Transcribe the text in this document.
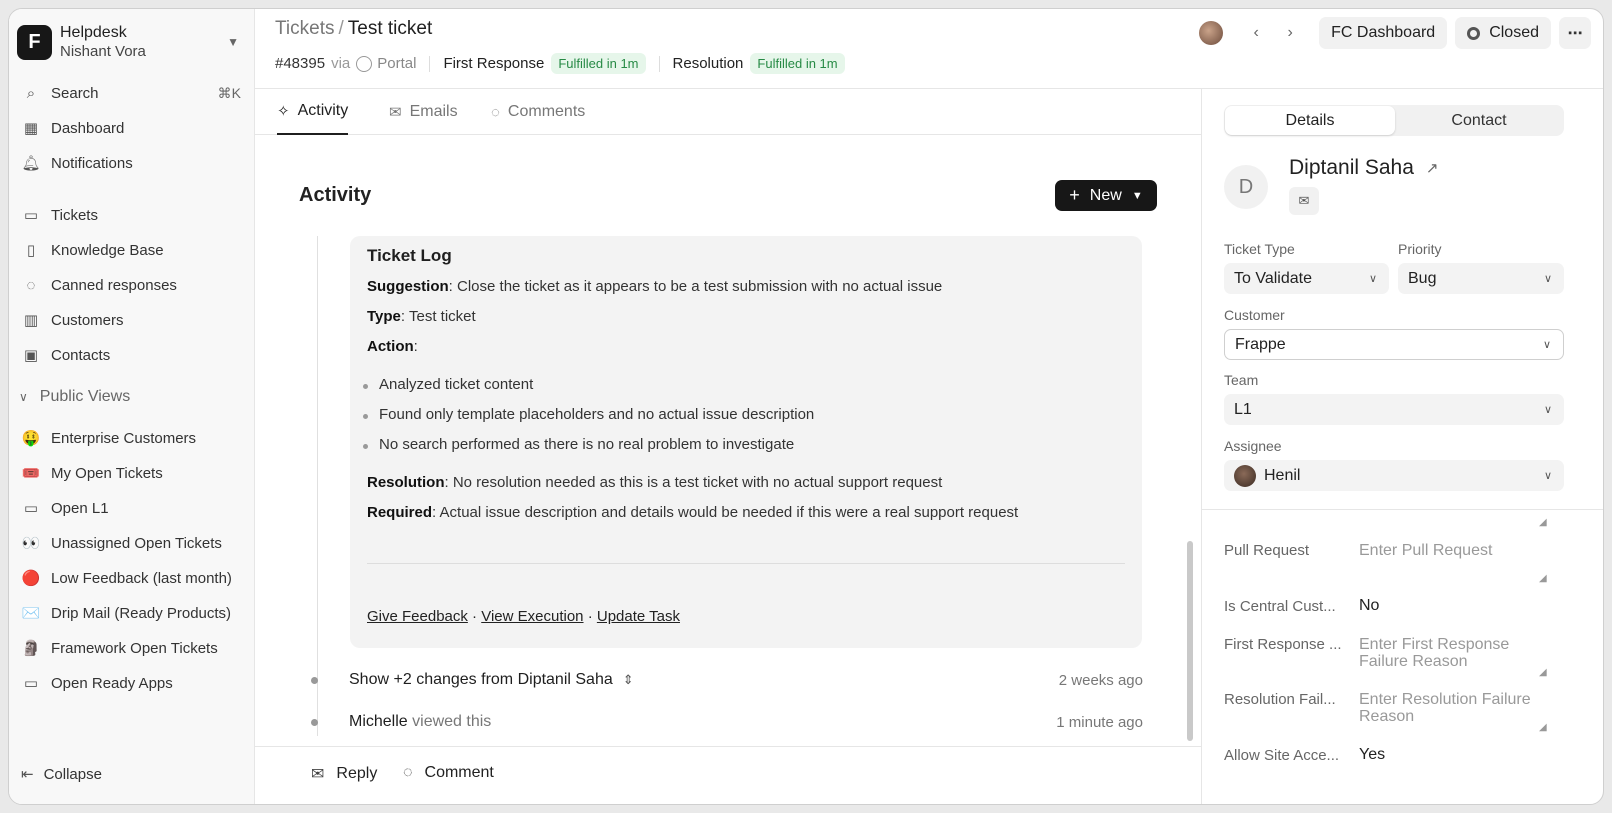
F	Helpdesk
Nishant Vora
▼
⌕	Search	⌘K
▦ Dashboard
🔔︎ Notifications
▭ Tickets
▯	Knowledge Base
◌	Canned responses
▥ Customers
▣ Contacts
∨ Public Views
🤑 Enterprise Customers
🎟️ My Open Tickets
▭ Open L1
👀 Unassigned Open Tickets
🔴 Low Feedback (last month)
✉️ Drip Mail (Ready Products)
🗿 Framework Open Tickets
▭ Open Ready Apps
⇤ Collapse
Tickets / Test ticket
#48395 via Portal First Response	Fulfilled in 1m	Resolution	Fulfilled in 1m
‹	›	FC Dashboard	Closed	⋯
✧ Activity	✉ Emails ◌ Comments
Activity	+ New ▼
Ticket Log
Suggestion: Close the ticket as it appears to be a test submission with no actual issue
Type: Test ticket
Action:
Analyzed ticket content
Found only template placeholders and no actual issue description
No search performed as there is no real problem to investigate
Resolution: No resolution needed as this is a test ticket with no actual support request
Required: Actual issue description and details would be needed if this were a real support request
Give Feedback · View Execution · Update Task
Show
+2
changes from
Diptanil Saha ⇕	2 weeks ago
Michelle
viewed this	1 minute ago
✉ Reply ◌ Comment
Details	Contact
D
Diptanil Saha ↗
✉
Ticket Type
To Validate	∨
Priority
Bug	∨
Customer
Frappe	∨
Team
L1	∨
Assignee
Henil	∨
◢
Pull Request	Enter Pull Request
◢
Is Central Cust... No
First Response ... Enter First Response
Failure Reason
◢
Resolution Fail... Enter Resolution Failure
Reason
◢
Allow Site Acce... Yes
